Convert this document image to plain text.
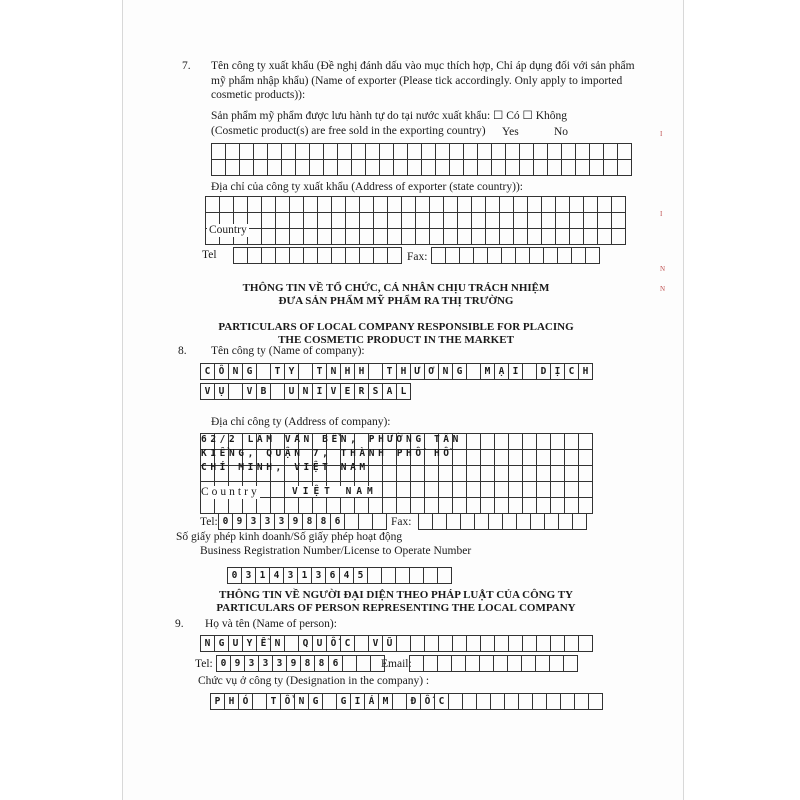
7. Tên công ty xuất khẩu (Đề nghị đánh dấu vào mục thích hợp, Chỉ áp dụng đối với sản phẩm
mỹ phẩm nhập khẩu) (Name of exporter (Please tick accordingly. Only apply to imported
cosmetic products)):
Sản phẩm mỹ phẩm được lưu hành tự do tại nước xuất khẩu: ☐ Có ☐ Không
(Cosmetic product(s) are free sold in the exporting country) Yes	No
Địa chỉ của công ty xuất khẩu (Address of exporter (state country)):
Country
Tel	Fax:
THÔNG TIN VỀ TỔ CHỨC, CÁ NHÂN CHỊU TRÁCH NHIỆM
ĐƯA SẢN PHẨM MỸ PHẨM RA THỊ TRƯỜNG
PARTICULARS OF LOCAL COMPANY RESPONSIBLE FOR PLACING
THE COSMETIC PRODUCT IN THE MARKET
8. Tên công ty (Name of company):
C Ô N G	T Y	T N H H	T H Ư Ơ N G	M Ạ I	D Ị C H
V Ụ	V B	U N I V E R S A L
Địa chỉ công ty (Address of company):
62/2 LÂM VĂN BỀN, PHƯỜNG TÂN
KIỂNG, QUẬN 7, THÀNH PHỐ HỒ
CHÍ MINH, VIỆT NAM
Country	VIỆT NAM
Tel: 0 9 3 3 3 9 8 8 6	Fax:
Số giấy phép kinh doanh/Số giấy phép hoạt động
Business Registration Number/License to Operate Number
0 3 1 4 3 1 3 6 4 5
THÔNG TIN VỀ NGƯỜI ĐẠI DIỆN THEO PHÁP LUẬT CỦA CÔNG TY
PARTICULARS OF PERSON REPRESENTING THE LOCAL COMPANY
9. Họ và tên (Name of person):
N G U Y Ễ N	Q U Ố C	V Ũ
Tel: 0 9 3 3 3 9 8 8 6	Email:
Chức vụ ở công ty (Designation in the company) :
P H Ó	T Ổ N G	G I Á M	Đ Ố C
I
I
N
N
